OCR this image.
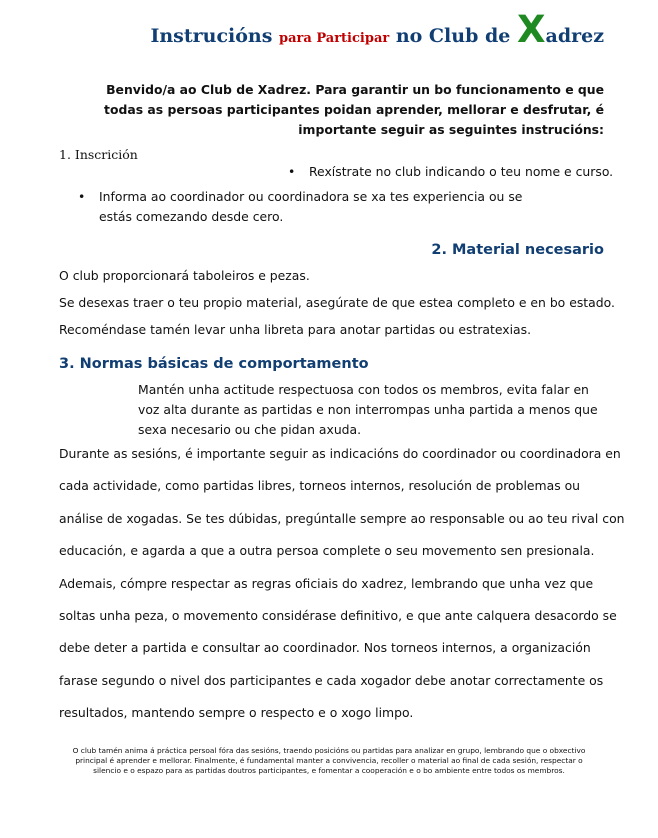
Instrucións para Participar no Club de Xadrez

Benvido/a ao Club de Xadrez. Para garantir un bo funcionamento e que todas as persoas participantes poidan aprender, mellorar e desfrutar, é importante seguir as seguintes instrucións:

1. Inscrición

• Rexístrate no club indicando o teu nome e curso.

• Informa ao coordinador ou coordinadora se xa tes experiencia ou se estás comezando desde cero.

2. Material necesario

O club proporcionará taboleiros e pezas.

Se desexas traer o teu propio material, asegúrate de que estea completo e en bo estado.

Recoméndase tamén levar unha libreta para anotar partidas ou estratexias.

3. Normas básicas de comportamento

Mantén unha actitude respectuosa con todos os membros, evita falar en voz alta durante as partidas e non interrompas unha partida a menos que sexa necesario ou che pidan axuda.

Durante as sesións, é importante seguir as indicacións do coordinador ou coordinadora en
cada actividade, como partidas libres, torneos internos, resolución de problemas ou
análise de xogadas. Se tes dúbidas, pregúntalle sempre ao responsable ou ao teu rival con
educación, e agarda a que a outra persoa complete o seu movemento sen presionala.
Ademais, cómpre respectar as regras oficiais do xadrez, lembrando que unha vez que
soltas unha peza, o movemento considérase definitivo, e que ante calquera desacordo se
debe deter a partida e consultar ao coordinador. Nos torneos internos, a organización
farase segundo o nivel dos participantes e cada xogador debe anotar correctamente os
resultados, mantendo sempre o respecto e o xogo limpo.

O club tamén anima á práctica persoal fóra das sesións, traendo posicións ou partidas para analizar en grupo, lembrando que o obxectivo principal é aprender e mellorar. Finalmente, é fundamental manter a convivencia, recoller o material ao final de cada sesión, respectar o silencio e o espazo para as partidas doutros participantes, e fomentar a cooperación e o bo ambiente entre todos os membros.
